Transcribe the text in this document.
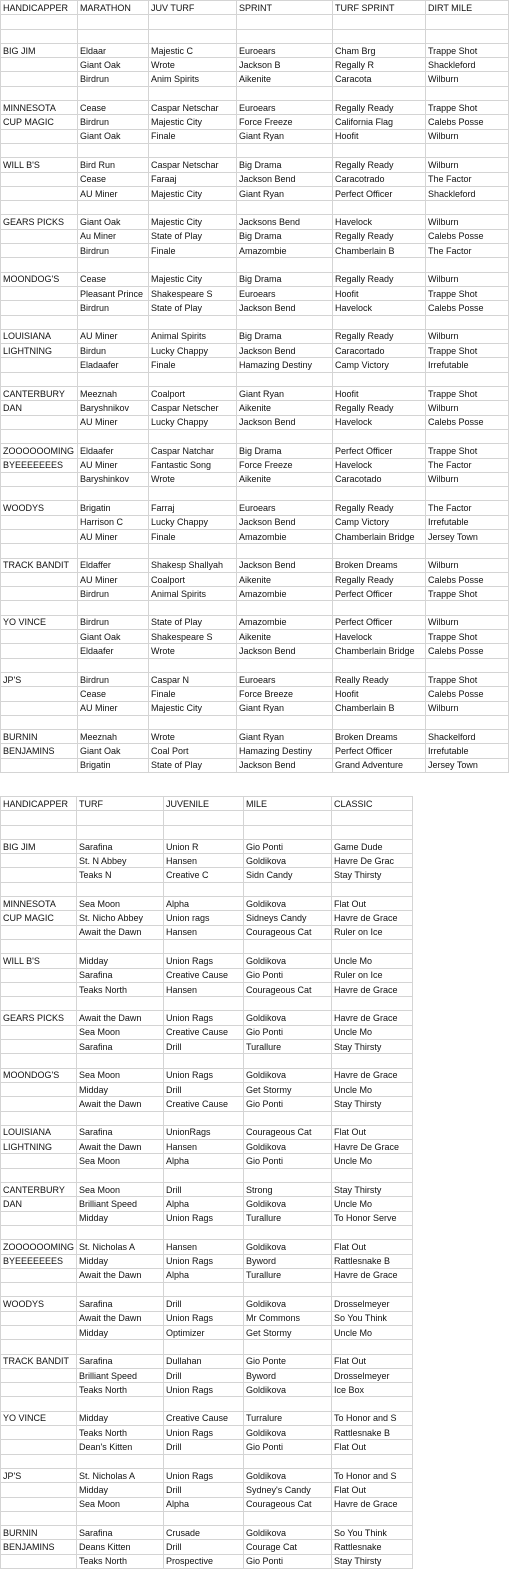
HANDICAPPER	MARATHON	JUV TURF	SPRINT	TURF SPRINT	DIRT MILE

BIG JIM	Eldaar	Majestic C	Euroears	Cham Brg	Trappe Shot
	Giant Oak	Wrote	Jackson B	Regally R	Shackleford
	Birdrun	Anim Spirits	Aikenite	Caracota	Wilburn

MINNESOTA	Cease	Caspar Netschar	Euroears	Regally Ready	Trappe Shot
CUP MAGIC	Birdrun	Majestic City	Force Freeze	California Flag	Calebs Posse
	Giant Oak	Finale	Giant Ryan	Hoofit	Wilburn

WILL B'S	Bird Run	Caspar Netschar	Big Drama	Regally Ready	Wilburn
	Cease	Faraaj	Jackson Bend	Caracotrado	The Factor
	AU Miner	Majestic City	Giant Ryan	Perfect Officer	Shackleford

GEARS PICKS	Giant Oak	Majestic City	Jacksons Bend	Havelock	Wilburn
	Au Miner	State of Play	Big Drama	Regally Ready	Calebs Posse
	Birdrun	Finale	Amazombie	Chamberlain B	The Factor

MOONDOG'S	Cease	Majestic City	Big Drama	Regally Ready	Wilburn
	Pleasant Prince	Shakespeare S	Euroears	Hoofit	Trappe Shot
	Birdrun	State of Play	Jackson Bend	Havelock	Calebs Posse

LOUISIANA	AU Miner	Animal Spirits	Big Drama	Regally Ready	Wilburn
LIGHTNING	Birdun	Lucky Chappy	Jackson Bend	Caracortado	Trappe Shot
	Eladaafer	Finale	Hamazing Destiny	Camp Victory	Irrefutable

CANTERBURY	Meeznah	Coalport	Giant Ryan	Hoofit	Trappe Shot
DAN	Baryshnikov	Caspar Netscher	Aikenite	Regally Ready	Wilburn
	AU Miner	Lucky Chappy	Jackson Bend	Havelock	Calebs Posse

ZOOOOOOMING	Eldaafer	Caspar Natchar	Big Drama	Perfect Officer	Trappe Shot
BYEEEEEEES	AU Miner	Fantastic Song	Force Freeze	Havelock	The Factor
	Baryshinkov	Wrote	Aikenite	Caracotado	Wilburn

WOODYS	Brigatin	Farraj	Euroears	Regally Ready	The Factor
	Harrison C	Lucky Chappy	Jackson Bend	Camp Victory	Irrefutable
	AU Miner	Finale	Amazombie	Chamberlain Bridge	Jersey Town

TRACK BANDIT	Eldaffer	Shakesp Shallyah	Jackson Bend	Broken Dreams	Wilburn
	AU Miner	Coalport	Aikenite	Regally Ready	Calebs Posse
	Birdrun	Animal Spirits	Amazombie	Perfect Officer	Trappe Shot

YO VINCE	Birdrun	State of Play	Amazombie	Perfect Officer	Wilburn
	Giant Oak	Shakespeare S	Aikenite	Havelock	Trappe Shot
	Eldaafer	Wrote	Jackson Bend	Chamberlain Bridge	Calebs Posse

JP'S	Birdrun	Caspar N	Euroears	Really Ready	Trappe Shot
	Cease	Finale	Force Breeze	Hoofit	Calebs Posse
	AU Miner	Majestic City	Giant Ryan	Chamberlain B	Wilburn

BURNIN	Meeznah	Wrote	Giant Ryan	Broken Dreams	Shackelford
BENJAMINS	Giant Oak	Coal Port	Hamazing Destiny	Perfect Officer	Irrefutable
	Brigatin	State of Play	Jackson Bend	Grand Adventure	Jersey Town
HANDICAPPER	TURF	JUVENILE	MILE	CLASSIC

BIG JIM	Sarafina	Union R	Gio Ponti	Game Dude
	St. N Abbey	Hansen	Goldikova	Havre De Grac
	Teaks N	Creative C	Sidn Candy	Stay Thirsty

MINNESOTA	Sea Moon	Alpha	Goldikova	Flat Out
CUP MAGIC	St. Nicho Abbey	Union rags	Sidneys Candy	Havre de Grace
	Await the Dawn	Hansen	Courageous Cat	Ruler on Ice

WILL B'S	Midday	Union Rags	Goldikova	Uncle Mo
	Sarafina	Creative Cause	Gio Ponti	Ruler on Ice
	Teaks North	Hansen	Courageous Cat	Havre de Grace

GEARS PICKS	Await the Dawn	Union Rags	Goldikova	Havre de Grace
	Sea Moon	Creative Cause	Gio Ponti	Uncle Mo
	Sarafina	Drill	Turallure	Stay Thirsty

MOONDOG'S	Sea Moon	Union Rags	Goldikova	Havre de Grace
	Midday	Drill	Get Stormy	Uncle Mo
	Await the Dawn	Creative Cause	Gio Ponti	Stay Thirsty

LOUISIANA	Sarafina	UnionRags	Courageous Cat	Flat Out
LIGHTNING	Await the Dawn	Hansen	Goldikova	Havre De Grace
	Sea Moon	Alpha	Gio Ponti	Uncle Mo

CANTERBURY	Sea Moon	Drill	Strong	Stay Thirsty
DAN	Brilliant Speed	Alpha	Goldikova	Uncle Mo
	Midday	Union Rags	Turallure	To Honor Serve

ZOOOOOOMING	St. Nicholas A	Hansen	Goldikova	Flat Out
BYEEEEEEES	Midday	Union Rags	Byword	Rattlesnake B
	Await the Dawn	Alpha	Turallure	Havre de Grace

WOODYS	Sarafina	Drill	Goldikova	Drosselmeyer
	Await the Dawn	Union Rags	Mr Commons	So You Think
	Midday	Optimizer	Get Stormy	Uncle Mo

TRACK BANDIT	Sarafina	Dullahan	Gio Ponte	Flat Out
	Brilliant Speed	Drill	Byword	Drosselmeyer
	Teaks North	Union Rags	Goldikova	Ice Box

YO VINCE	Midday	Creative Cause	Turralure	To Honor and S
	Teaks North	Union Rags	Goldikova	Rattlesnake B
	Dean's Kitten	Drill	Gio Ponti	Flat Out

JP'S	St. Nicholas A	Union Rags	Goldikova	To Honor and S
	Midday	Drill	Sydney's Candy	Flat Out
	Sea Moon	Alpha	Courageous Cat	Havre de Grace

BURNIN	Sarafina	Crusade	Goldikova	So You Think
BENJAMINS	Deans Kitten	Drill	Courage Cat	Rattlesnake
	Teaks North	Prospective	Gio Ponti	Stay Thirsty
